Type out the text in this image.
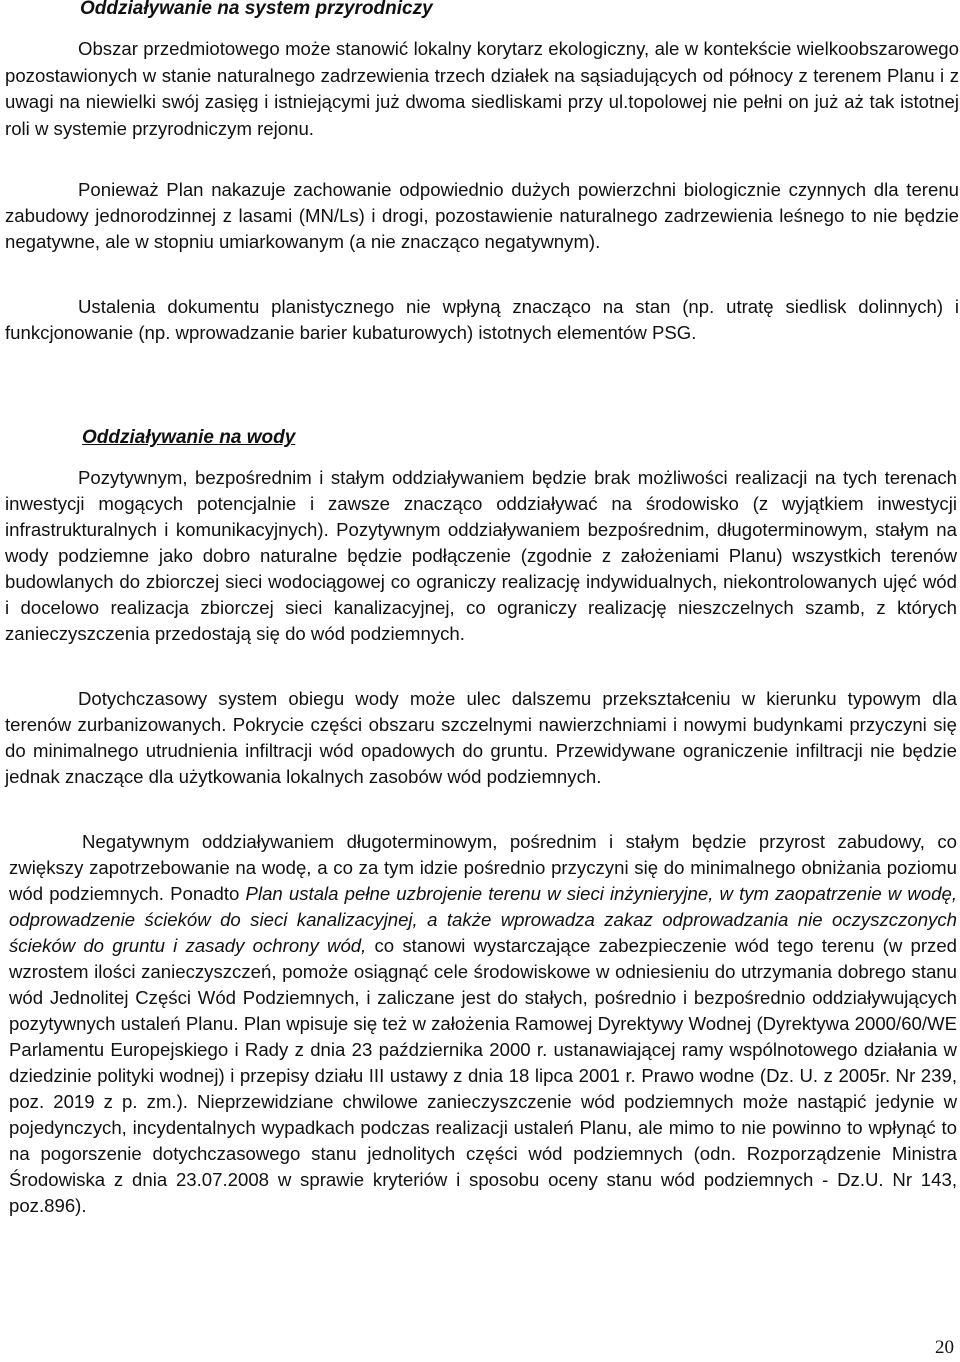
Oddziaływanie na system przyrodniczy

Obszar przedmiotowego może stanowić lokalny korytarz ekologiczny, ale w kontekście wielkoobszarowego pozostawionych w stanie naturalnego zadrzewienia trzech działek na sąsiadujących od północy z terenem Planu i z uwagi na niewielki swój zasięg i istniejącymi już dwoma siedliskami przy ul.topolowej nie pełni on już aż tak istotnej roli w systemie przyrodniczym rejonu.

Ponieważ Plan nakazuje zachowanie odpowiednio dużych powierzchni biologicznie czynnych dla terenu zabudowy jednorodzinnej z lasami (MN/Ls) i drogi, pozostawienie naturalnego zadrzewienia leśnego to nie będzie negatywne, ale w stopniu umiarkowanym (a nie znacząco negatywnym).

Ustalenia dokumentu planistycznego nie wpłyną znacząco na stan (np. utratę siedlisk dolinnych) i funkcjonowanie (np. wprowadzanie barier kubaturowych) istotnych elementów PSG.

Oddziaływanie na wody

Pozytywnym, bezpośrednim i stałym oddziaływaniem będzie brak możliwości realizacji na tych terenach inwestycji mogących potencjalnie i zawsze znacząco oddziaływać na środowisko (z wyjątkiem inwestycji infrastrukturalnych i komunikacyjnych). Pozytywnym oddziaływaniem bezpośrednim, długoterminowym, stałym na wody podziemne jako dobro naturalne będzie podłączenie (zgodnie z założeniami Planu) wszystkich terenów budowlanych do zbiorczej sieci wodociągowej co ograniczy realizację indywidualnych, niekontrolowanych ujęć wód i docelowo realizacja zbiorczej sieci kanalizacyjnej, co ograniczy realizację nieszczelnych szamb, z których zanieczyszczenia przedostają się do wód podziemnych.

Dotychczasowy system obiegu wody może ulec dalszemu przekształceniu w kierunku typowym dla terenów zurbanizowanych. Pokrycie części obszaru szczelnymi nawierzchniami i nowymi budynkami przyczyni się do minimalnego utrudnienia infiltracji wód opadowych do gruntu. Przewidywane ograniczenie infiltracji nie będzie jednak znaczące dla użytkowania lokalnych zasobów wód podziemnych.

Negatywnym oddziaływaniem długoterminowym, pośrednim i stałym będzie przyrost zabudowy, co zwiększy zapotrzebowanie na wodę, a co za tym idzie pośrednio przyczyni się do minimalnego obniżania poziomu wód podziemnych. Ponadto Plan ustala pełne uzbrojenie terenu w sieci inżynieryjne, w tym zaopatrzenie w wodę, odprowadzenie ścieków do sieci kanalizacyjnej, a także wprowadza zakaz odprowadzania nie oczyszczonych ścieków do gruntu i zasady ochrony wód, co stanowi wystarczające zabezpieczenie wód tego terenu (w przed wzrostem ilości zanieczyszczeń, pomoże osiągnąć cele środowiskowe w odniesieniu do utrzymania dobrego stanu wód Jednolitej Części Wód Podziemnych, i zaliczane jest do stałych, pośrednio i bezpośrednio oddziaływujących pozytywnych ustaleń Planu. Plan wpisuje się też w założenia Ramowej Dyrektywy Wodnej (Dyrektywa 2000/60/WE Parlamentu Europejskiego i Rady z dnia 23 października 2000 r. ustanawiającej ramy wspólnotowego działania w dziedzinie polityki wodnej) i przepisy działu III ustawy z dnia 18 lipca 2001 r. Prawo wodne (Dz. U. z 2005r. Nr 239, poz. 2019 z p. zm.). Nieprzewidziane chwilowe zanieczyszczenie wód podziemnych może nastąpić jedynie w pojedynczych, incydentalnych wypadkach podczas realizacji ustaleń Planu, ale mimo to nie powinno to wpłynąć to na pogorszenie dotychczasowego stanu jednolitych części wód podziemnych (odn. Rozporządzenie Ministra Środowiska z dnia 23.07.2008 w sprawie kryteriów i sposobu oceny stanu wód podziemnych - Dz.U. Nr 143, poz.896).

20
